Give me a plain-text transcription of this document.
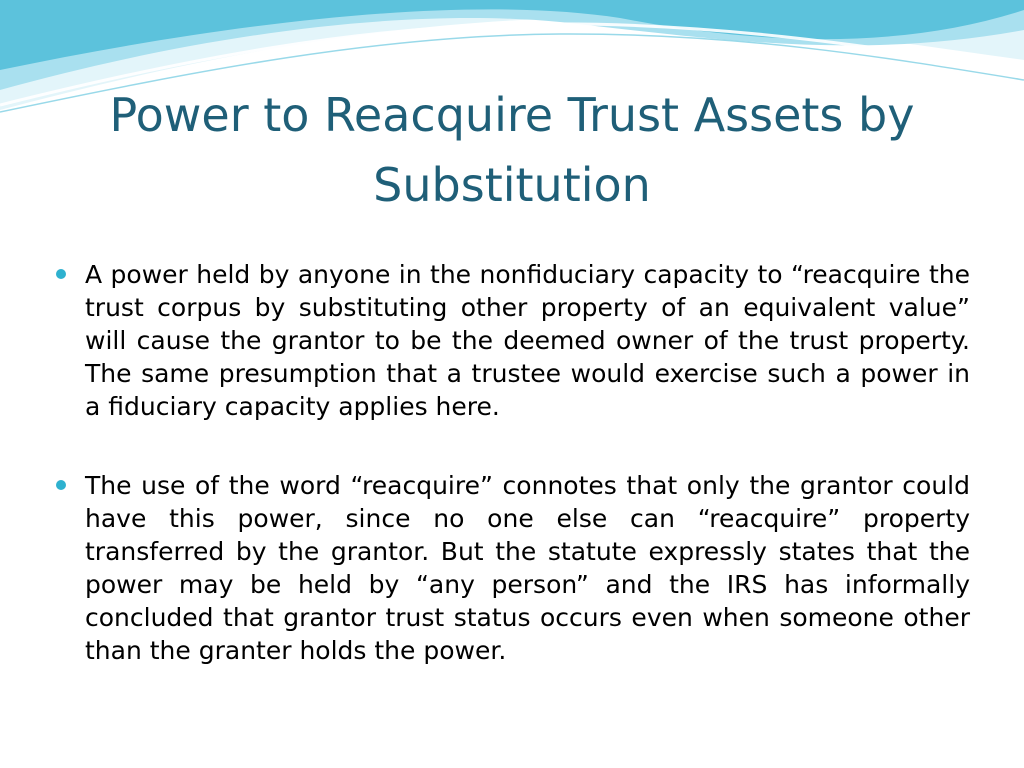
Power to Reacquire Trust Assets by Substitution
A power held by anyone in the nonfiduciary capacity to “reacquire the trust corpus by substituting other property of an equivalent value” will cause the grantor to be the deemed owner of the trust property. The same presumption that a trustee would exercise such a power in a fiduciary capacity applies here.
The use of the word “reacquire” connotes that only the grantor could have this power, since no one else can “reacquire” property transferred by the grantor. But the statute expressly states that the power may be held by “any person” and the IRS has informally concluded that grantor trust status occurs even when someone other than the granter holds the power.
